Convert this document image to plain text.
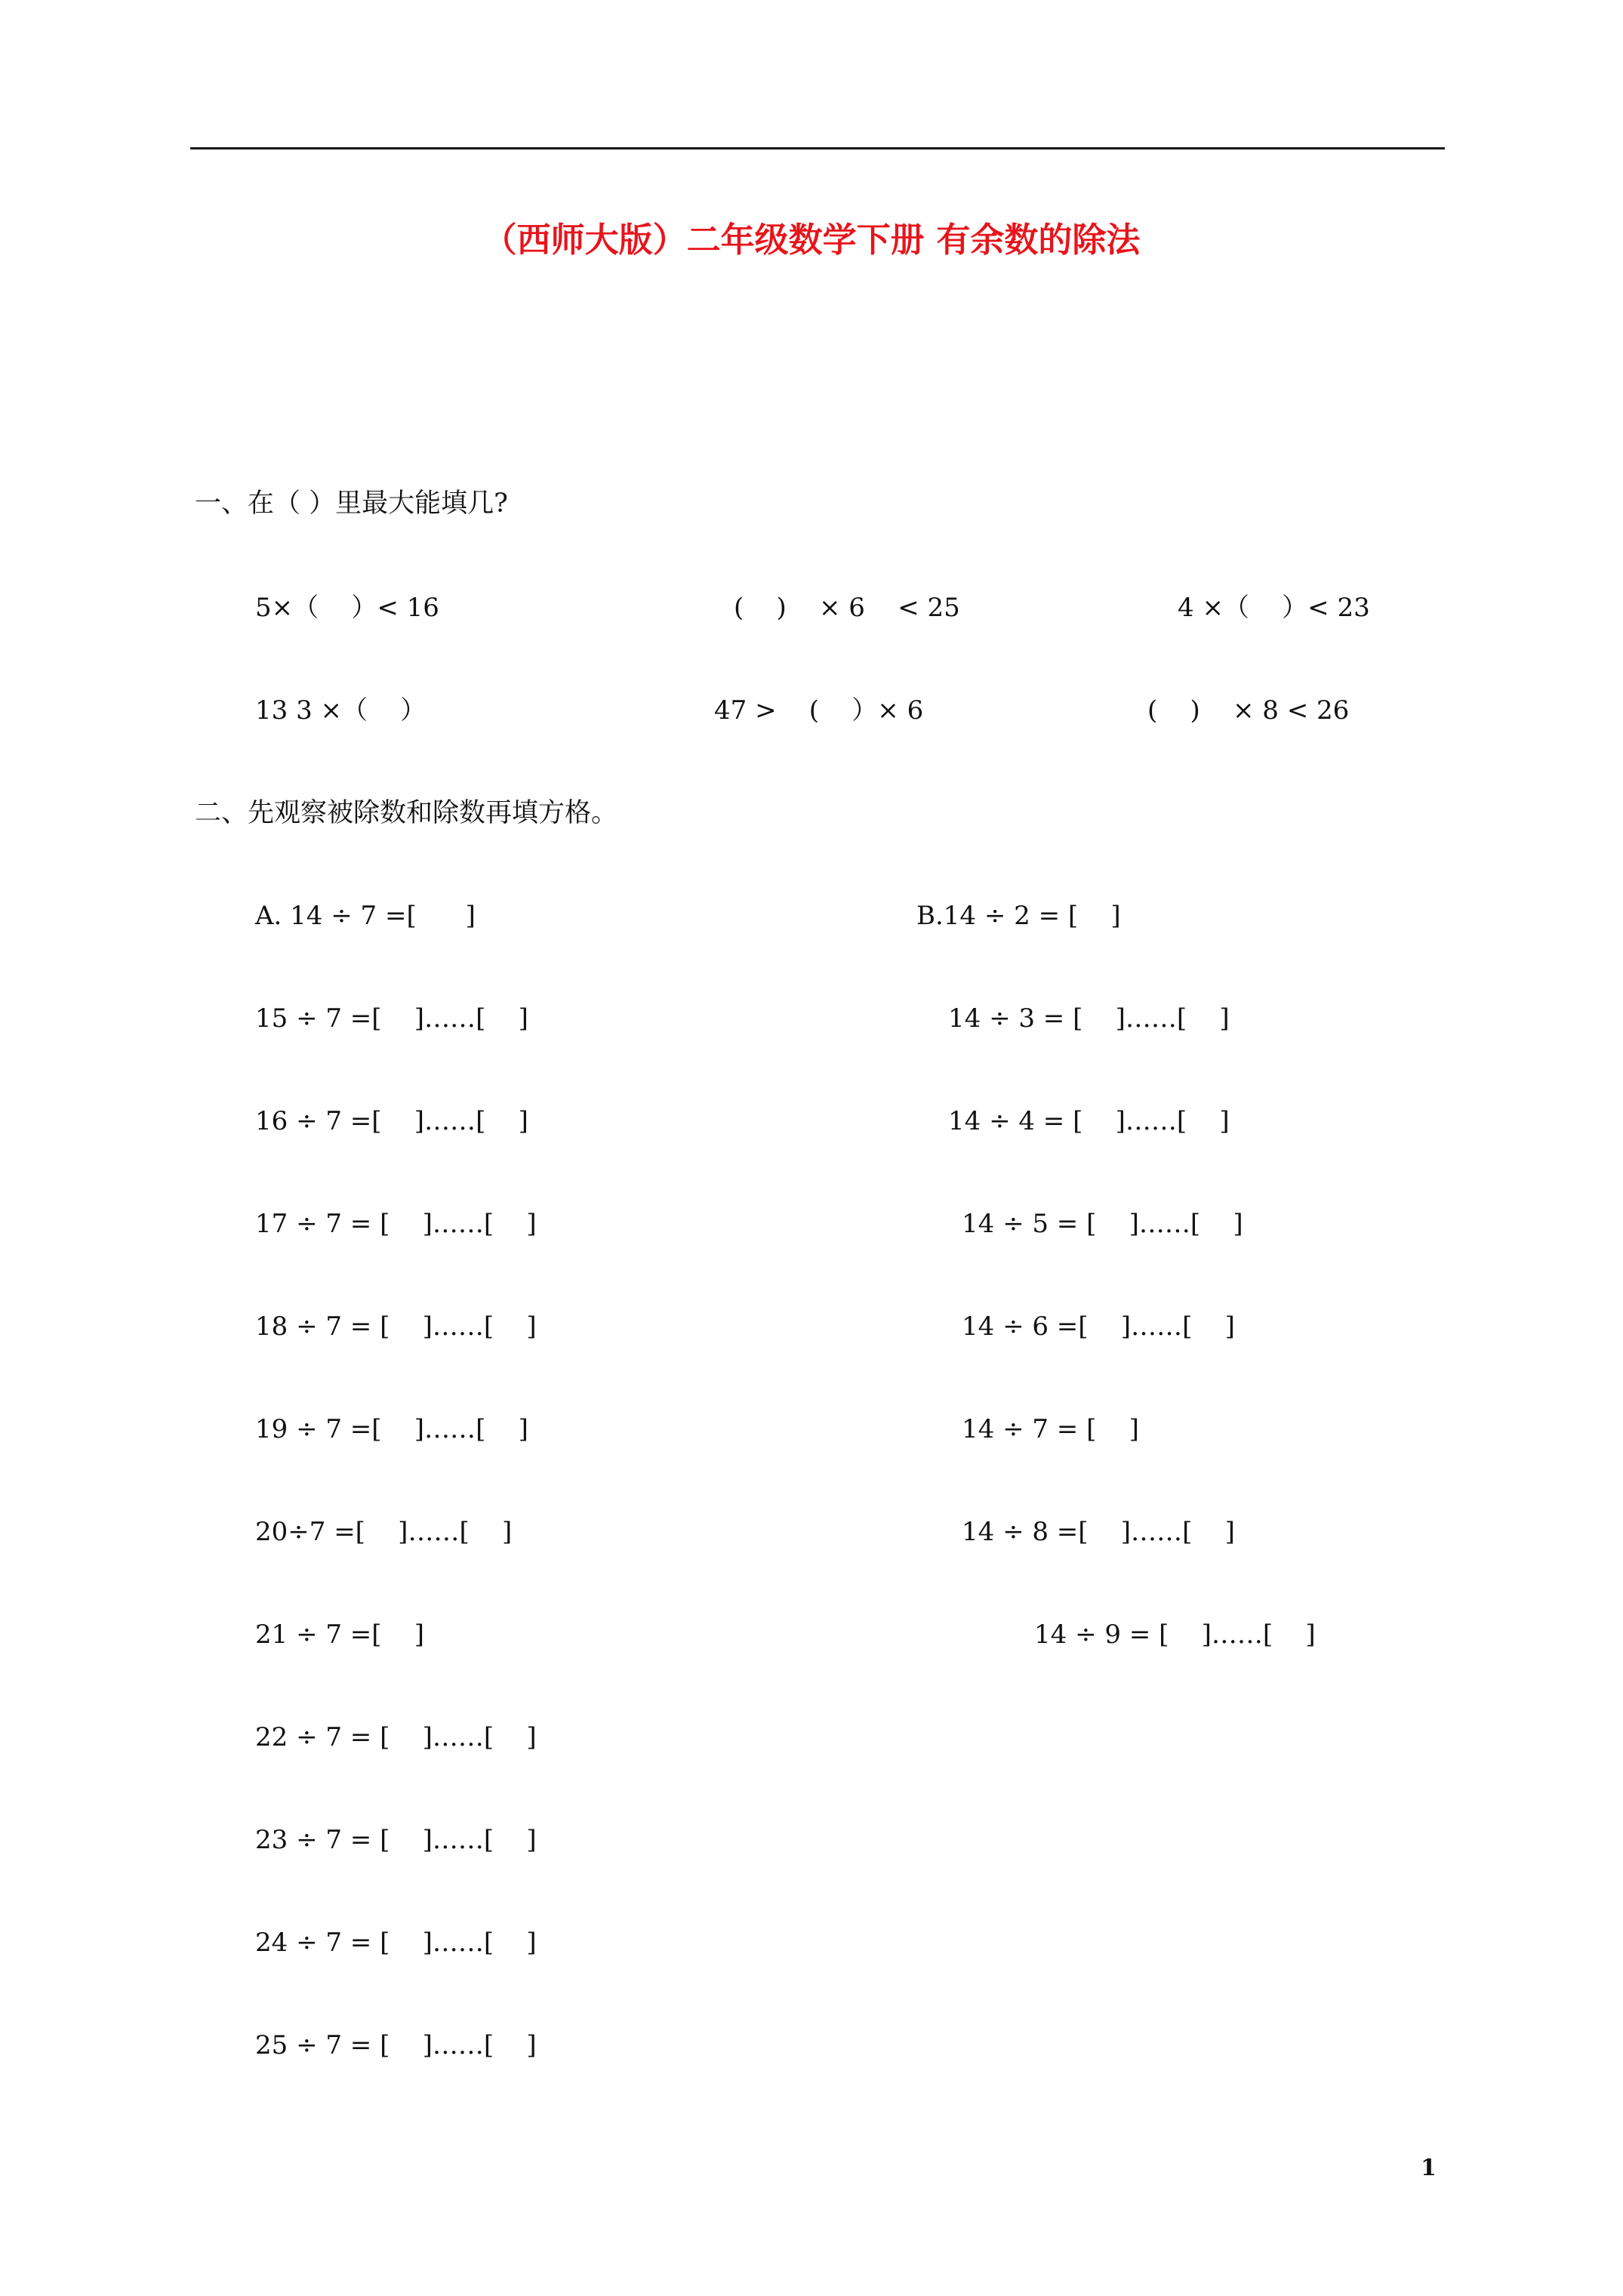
（西师大版）二年级数学下册 有余数的除法
一、在（ ）里最大能填几?
5×（    ）< 16	(    )    × 6    < 25	4 ×（    ）< 23
13 3 ×（    ）	47 >    (    ）× 6	(    )    × 8 < 26
二、先观察被除数和除数再填方格。
A. 14 ÷ 7 =[      ]
15 ÷ 7 =[    ]‥‥‥[    ]
16 ÷ 7 =[    ]‥‥‥[    ]
17 ÷ 7 = [    ]‥‥‥[    ]
18 ÷ 7 = [    ]‥‥‥[    ]
19 ÷ 7 =[    ]‥‥‥[    ]
20÷7 =[    ]‥‥‥[    ]
21 ÷ 7 =[    ]
22 ÷ 7 = [    ]‥‥‥[    ]
23 ÷ 7 = [    ]‥‥‥[    ]
24 ÷ 7 = [    ]‥‥‥[    ]
25 ÷ 7 = [    ]‥‥‥[    ]
B.14 ÷ 2 = [    ]
14 ÷ 3 = [    ]‥‥‥[    ]
14 ÷ 4 = [    ]‥‥‥[    ]
14 ÷ 5 = [    ]‥‥‥[    ]
14 ÷ 6 =[    ]‥‥‥[    ]
14 ÷ 7 = [    ]
14 ÷ 8 =[    ]‥‥‥[    ]
14 ÷ 9 = [    ]‥‥‥[    ]
1
